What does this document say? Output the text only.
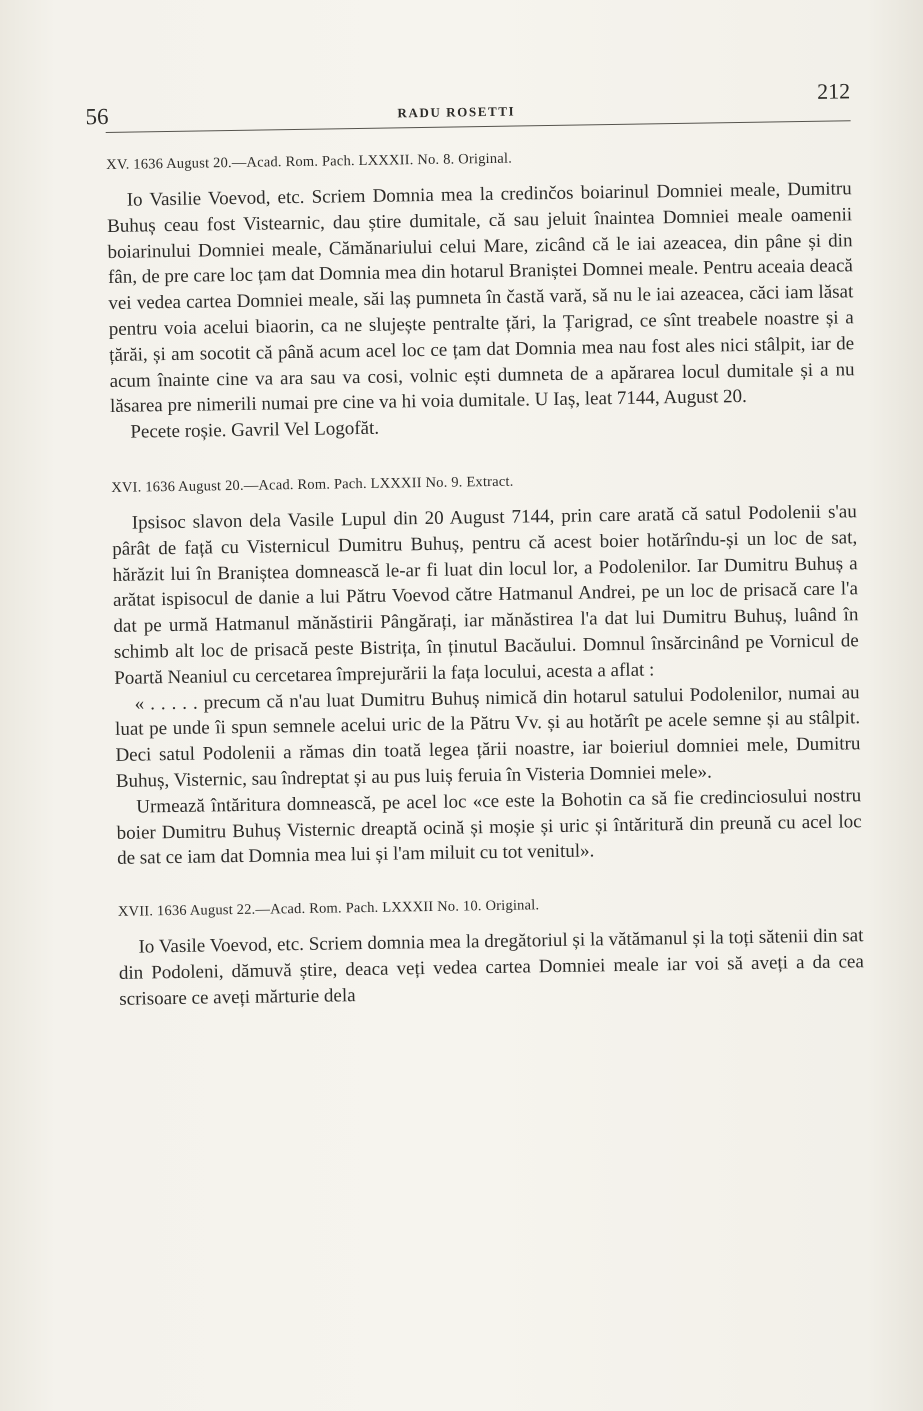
56	RADU ROSETTI
212
XV. 1636 August 20.—Acad. Rom. Pach. LXXXII. No. 8. Original.

Io Vasilie Voevod, etc. Scriem Domnia mea la credinčos boiarinul Domniei meale, Dumitru Buhuș ceau fost Vistearnic, dau știre dumitale, că sau jeluit înaintea Domniei meale oamenii boiarinului Domniei meale, Cămănariului celui Mare, zicând că le iai azeacea, din pâne și din fân, de pre care loc țam dat Domnia mea din hotarul Braniștei Domnei meale. Pentru aceaia deacă vei vedea cartea Domniei meale, săi laș pumneta în častă vară, să nu le iai azeacea, căci iam lăsat pentru voia acelui biaorin, ca ne slujește pentralte țări, la Țarigrad, ce sînt treabele noastre și a țărăi, și am socotit că până acum acel loc ce țam dat Domnia mea nau fost ales nici stâlpit, iar de acum înainte cine va ara sau va cosi, volnic ești dumneta de a apărarea locul dumitale și a nu lăsarea pre nimerili numai pre cine va hi voia dumitale. U Iaș, leat 7144, August 20.

Pecete roșie. Gavril Vel Logofăt.

XVI. 1636 August 20.—Acad. Rom. Pach. LXXXII No. 9. Extract.

Ipsisoc slavon dela Vasile Lupul din 20 August 7144, prin care arată că satul Podolenii s'au pârât de față cu Visternicul Dumitru Buhuș, pentru că acest boier hotărîndu-și un loc de sat, hărăzit lui în Braniștea domnească le-ar fi luat din locul lor, a Podolenilor. Iar Dumitru Buhuș a arătat ispisocul de danie a lui Pătru Voevod către Hatmanul Andrei, pe un loc de prisacă care l'a dat pe urmă Hatmanul mănăstirii Pângărați, iar mănăstirea l'a dat lui Dumitru Buhuș, luând în schimb alt loc de prisacă peste Bistrița, în ținutul Bacăului. Domnul însărcinând pe Vornicul de Poartă Neaniul cu cercetarea împrejurării la fața locului, acesta a aflat :

« . . . . . precum că n'au luat Dumitru Buhuș nimică din hotarul satului Podolenilor, numai au luat pe unde îi spun semnele acelui uric de la Pătru Vv. și au hotărît pe acele semne și au stâlpit. Deci satul Podolenii a rămas din toată legea țării noastre, iar boieriul domniei mele, Dumitru Buhuș, Visternic, sau îndreptat și au pus luiș feruia în Visteria Domniei mele».

Urmează întăritura domnească, pe acel loc «ce este la Bohotin ca să fie credinciosului nostru boier Dumitru Buhuș Visternic dreaptă ocină și moșie și uric și întăritură din preună cu acel loc de sat ce iam dat Domnia mea lui și l'am miluit cu tot venitul».

XVII. 1636 August 22.—Acad. Rom. Pach. LXXXII No. 10. Original.

Io Vasile Voevod, etc. Scriem domnia mea la dregătoriul și la vătămanul și la toți sătenii din sat din Podoleni, dămuvă știre, deaca veți vedea cartea Domniei meale iar voi să aveți a da cea scrisoare ce aveți mărturie dela
